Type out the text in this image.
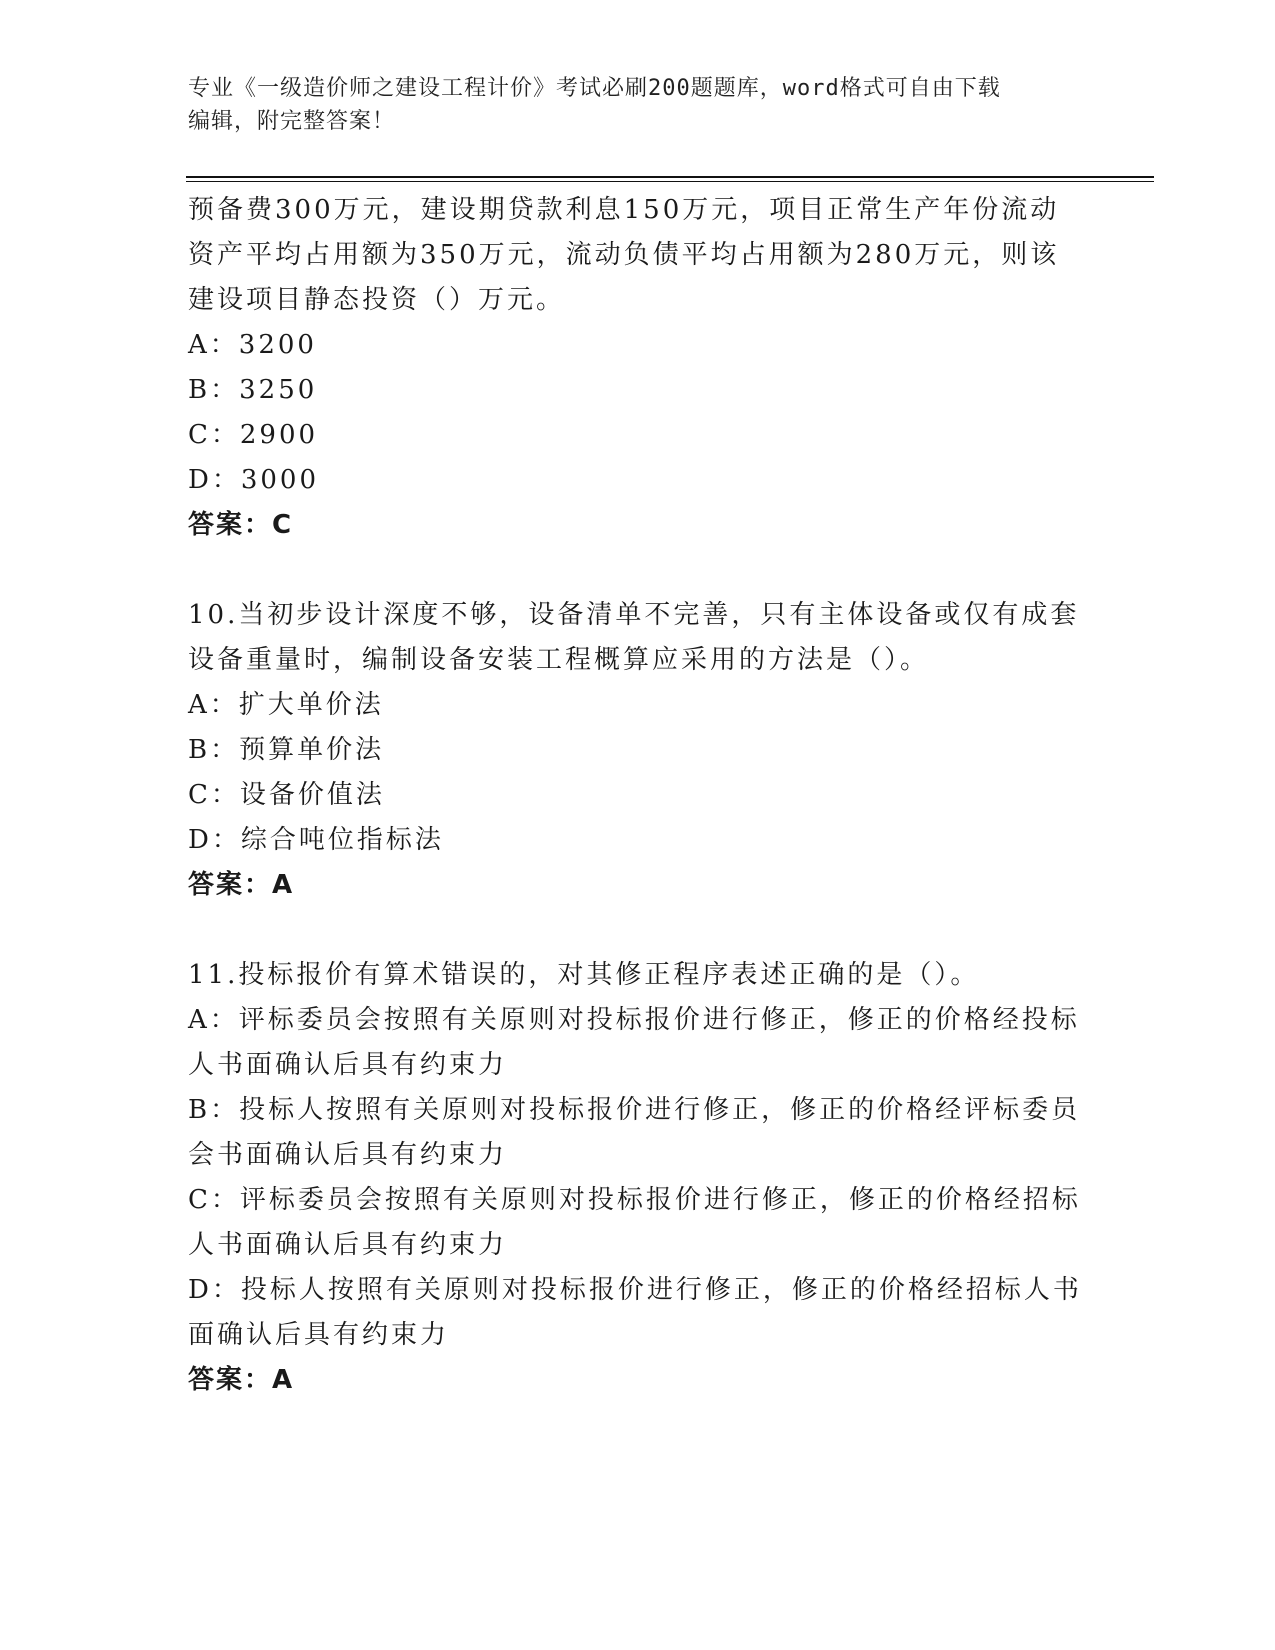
专业《一级造价师之建设工程计价》考试必刷200题题库，word格式可自由下载
编辑，附完整答案！

预备费300万元，建设期贷款利息150万元，项目正常生产年份流动

资产平均占用额为350万元，流动负债平均占用额为280万元，则该

建设项目静态投资（）万元。

A：3200

B：3250

C：2900

D：3000

答案：C

10.当初步设计深度不够，设备清单不完善，只有主体设备或仅有成套

设备重量时，编制设备安装工程概算应采用的方法是（）。

A：扩大单价法

B：预算单价法

C：设备价值法

D：综合吨位指标法

答案：A

11.投标报价有算术错误的，对其修正程序表述正确的是（）。

A：评标委员会按照有关原则对投标报价进行修正，修正的价格经投标

人书面确认后具有约束力

B：投标人按照有关原则对投标报价进行修正，修正的价格经评标委员

会书面确认后具有约束力

C：评标委员会按照有关原则对投标报价进行修正，修正的价格经招标

人书面确认后具有约束力

D：投标人按照有关原则对投标报价进行修正，修正的价格经招标人书

面确认后具有约束力

答案：A
